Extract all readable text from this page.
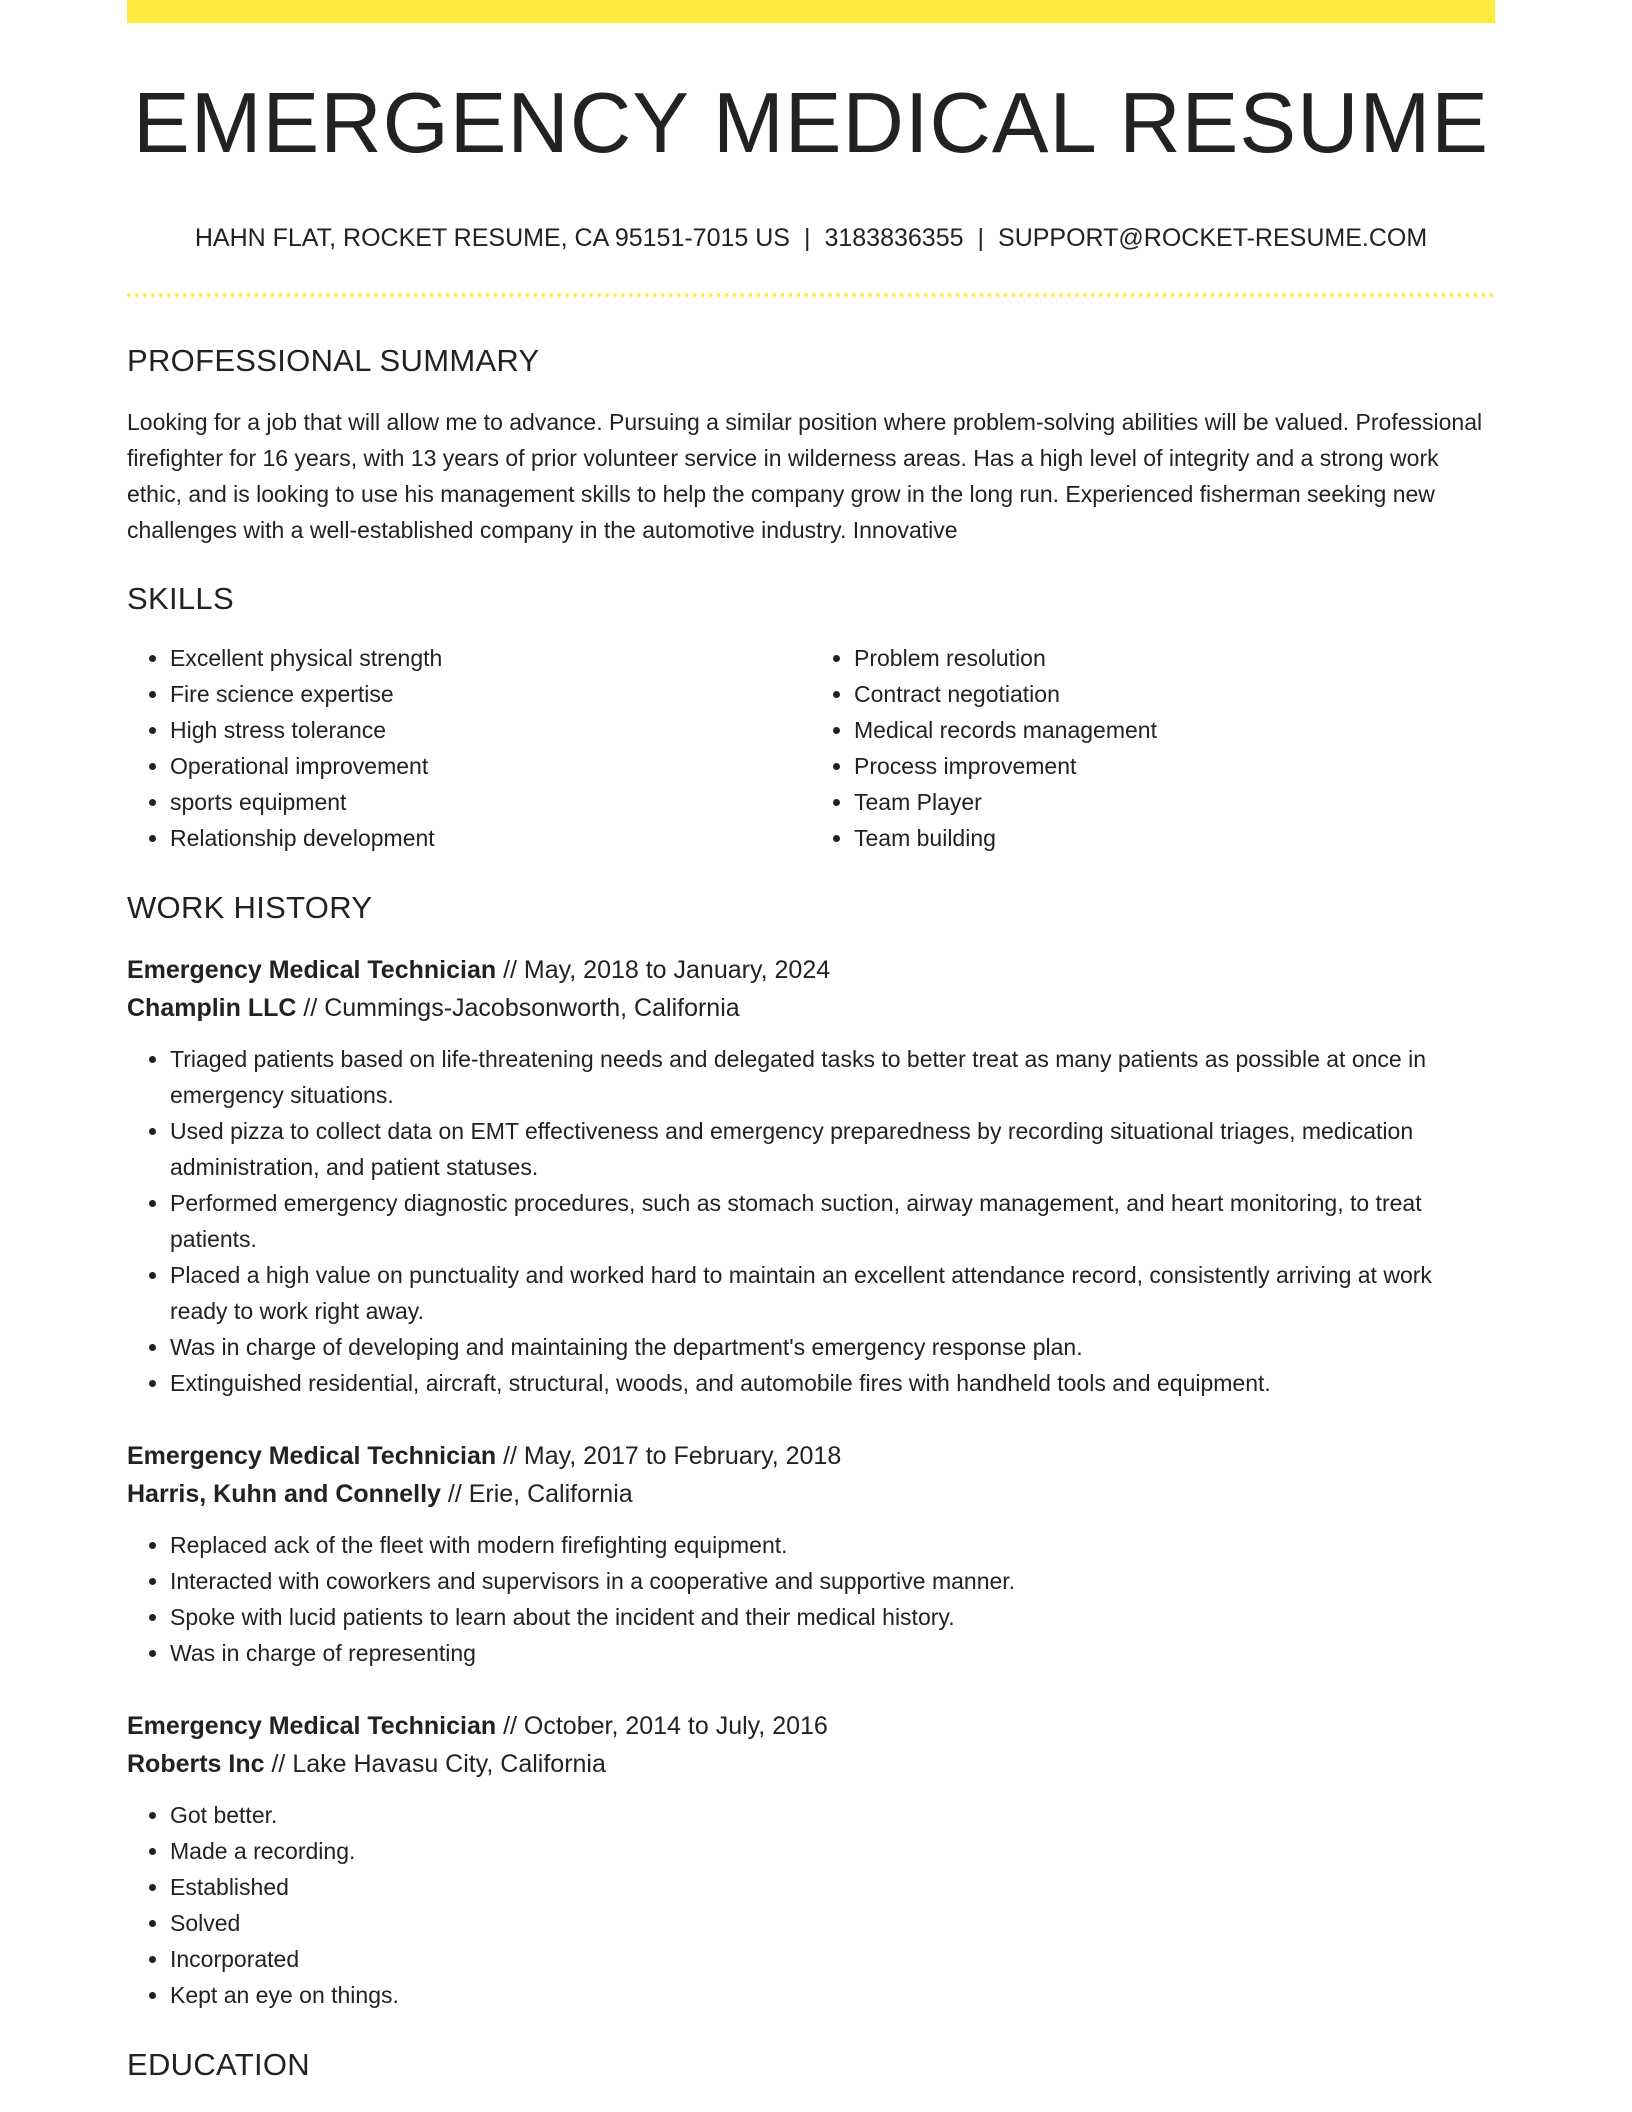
EMERGENCY MEDICAL RESUME
HAHN FLAT, ROCKET RESUME, CA 95151-7015 US | 3183836355 | SUPPORT@ROCKET-RESUME.COM
PROFESSIONAL SUMMARY

Looking for a job that will allow me to advance. Pursuing a similar position where problem-solving abilities will be valued. Professional firefighter for 16 years, with 13 years of prior volunteer service in wilderness areas. Has a high level of integrity and a strong work ethic, and is looking to use his management skills to help the company grow in the long run. Experienced fisherman seeking new challenges with a well-established company in the automotive industry. Innovative

SKILLS
• Excellent physical strength
• Fire science expertise
• High stress tolerance
• Operational improvement
• sports equipment
• Relationship development
• Problem resolution
• Contract negotiation
• Medical records management
• Process improvement
• Team Player
• Team building
WORK HISTORY
Emergency Medical Technician // May, 2018 to January, 2024
Champlin LLC // Cummings-Jacobsonworth, California
• Triaged patients based on life-threatening needs and delegated tasks to better treat as many patients as possible at once in emergency situations.
• Used pizza to collect data on EMT effectiveness and emergency preparedness by recording situational triages, medication administration, and patient statuses.
• Performed emergency diagnostic procedures, such as stomach suction, airway management, and heart monitoring, to treat patients.
• Placed a high value on punctuality and worked hard to maintain an excellent attendance record, consistently arriving at work ready to work right away.
• Was in charge of developing and maintaining the department's emergency response plan.
• Extinguished residential, aircraft, structural, woods, and automobile fires with handheld tools and equipment.
Emergency Medical Technician // May, 2017 to February, 2018
Harris, Kuhn and Connelly // Erie, California
• Replaced ack of the fleet with modern firefighting equipment.
• Interacted with coworkers and supervisors in a cooperative and supportive manner.
• Spoke with lucid patients to learn about the incident and their medical history.
• Was in charge of representing
Emergency Medical Technician // October, 2014 to July, 2016
Roberts Inc // Lake Havasu City, California
• Got better.
• Made a recording.
• Established
• Solved
• Incorporated
• Kept an eye on things.
EDUCATION
